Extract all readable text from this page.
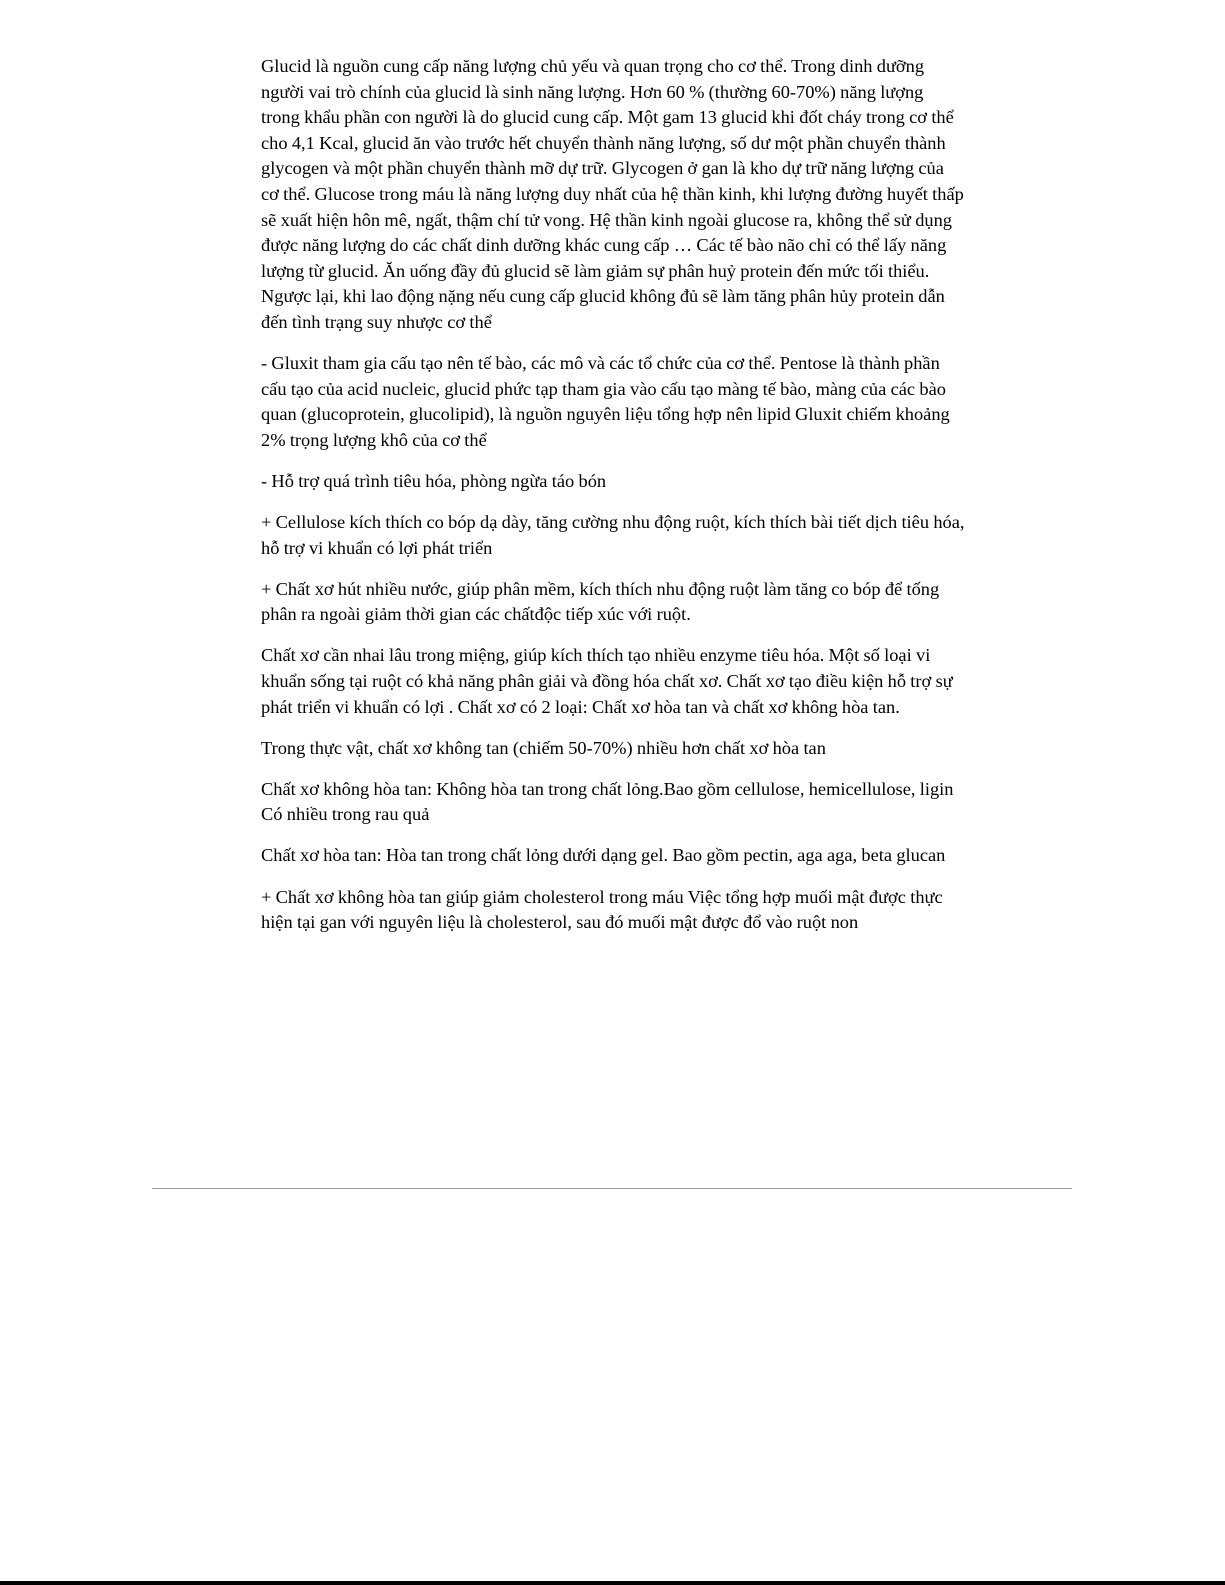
Glucid là nguồn cung cấp năng lượng chủ yếu và quan trọng cho cơ thể. Trong dinh dưỡng người vai trò chính của glucid là sinh năng lượng. Hơn 60 % (thường 60-70%) năng lượng trong khẩu phần con người là do glucid cung cấp. Một gam 13 glucid khi đốt cháy trong cơ thể cho 4,1 Kcal, glucid ăn vào trước hết chuyển thành năng lượng, số dư một phần chuyển thành glycogen và một phần chuyển thành mỡ dự trữ. Glycogen ở gan là kho dự trữ năng lượng của cơ thể. Glucose trong máu là năng lượng duy nhất của hệ thần kinh, khi lượng đường huyết thấp sẽ xuất hiện hôn mê, ngất, thậm chí tử vong. Hệ thần kinh ngoài glucose ra, không thể sử dụng được năng lượng do các chất dinh dưỡng khác cung cấp … Các tế bào não chỉ có thể lấy năng lượng từ glucid. Ăn uống đầy đủ glucid sẽ làm giảm sự phân huỷ protein đến mức tối thiểu. Ngược lại, khi lao động nặng nếu cung cấp glucid không đủ sẽ làm tăng phân hủy protein dẫn đến tình trạng suy nhược cơ thể

- Gluxit tham gia cấu tạo nên tế bào, các mô và các tổ chức của cơ thể. Pentose là thành phần cấu tạo của acid nucleic, glucid phức tạp tham gia vào cấu tạo màng tế bào, màng của các bào quan (glucoprotein, glucolipid), là nguồn nguyên liệu tổng hợp nên lipid Gluxit chiếm khoảng 2% trọng lượng khô của cơ thể

- Hỗ trợ quá trình tiêu hóa, phòng ngừa táo bón

+ Cellulose kích thích co bóp dạ dày, tăng cường nhu động ruột, kích thích bài tiết dịch tiêu hóa, hỗ trợ vi khuẩn có lợi phát triển

+ Chất xơ hút nhiều nước, giúp phân mềm, kích thích nhu động ruột làm tăng co bóp để tống phân ra ngoài giảm thời gian các chấtđộc tiếp xúc với ruột.

Chất xơ cần nhai lâu trong miệng, giúp kích thích tạo nhiều enzyme tiêu hóa. Một số loại vi khuẩn sống tại ruột có khả năng phân giải và đồng hóa chất xơ. Chất xơ tạo điều kiện hỗ trợ sự phát triển vi khuẩn có lợi . Chất xơ có 2 loại: Chất xơ hòa tan và chất xơ không hòa tan.

Trong thực vật, chất xơ không tan (chiếm 50-70%) nhiều hơn chất xơ hòa tan

Chất xơ không hòa tan: Không hòa tan trong chất lỏng.Bao gồm cellulose, hemicellulose, ligin Có nhiều trong rau quả

Chất xơ hòa tan: Hòa tan trong chất lỏng dưới dạng gel. Bao gồm pectin, aga aga, beta glucan

+ Chất xơ không hòa tan giúp giảm cholesterol trong máu Việc tổng hợp muối mật được thực hiện tại gan với nguyên liệu là cholesterol, sau đó muối mật được đổ vào ruột non
